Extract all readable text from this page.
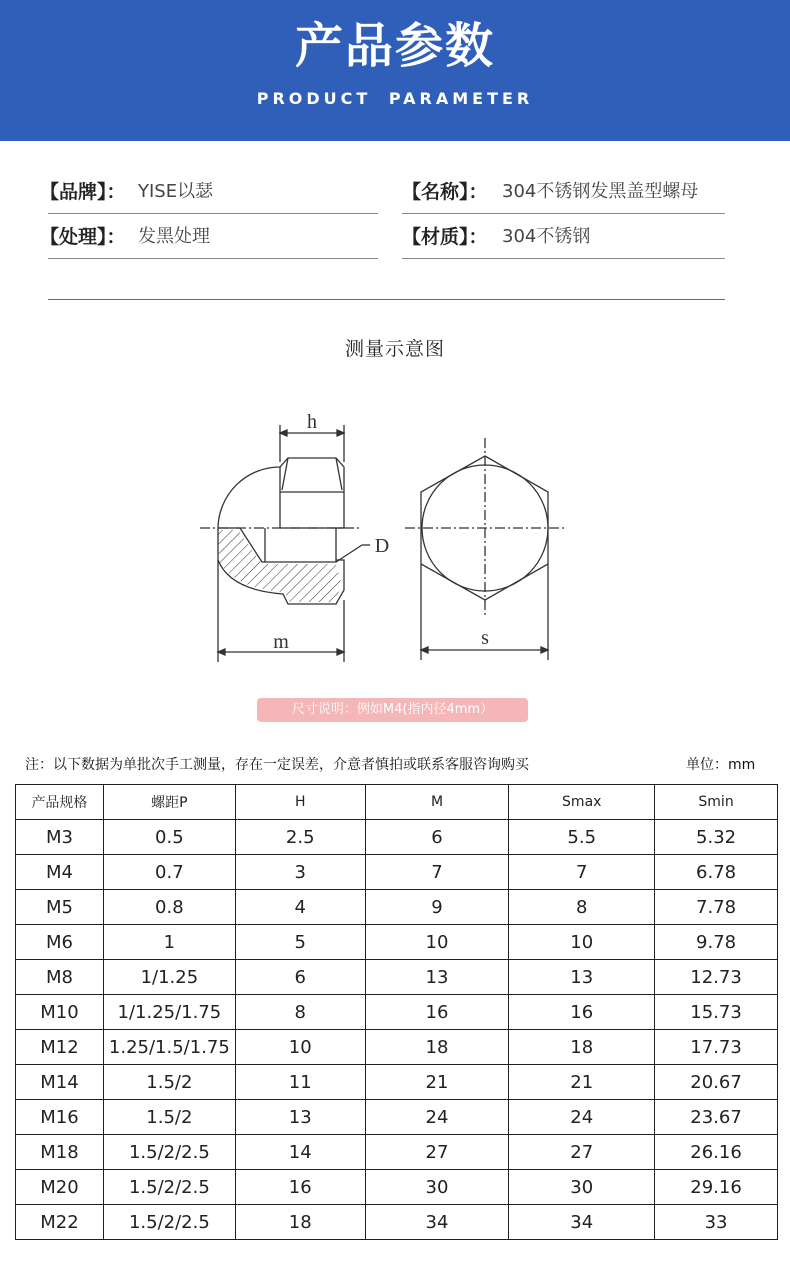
产品参数
PRODUCT PARAMETER
【品牌】： YISE以瑟	【名称】： 304不锈钢发黑盖型螺母
【处理】： 发黑处理	【材质】： 304不锈钢
测量示意图
h
D
m	s
尺寸说明：例如M4(指内径4mm）
注：以下数据为单批次手工测量，存在一定误差，介意者慎拍或联系客服咨询购买	单位：mm
产品规格	螺距P	H	M	Smax	Smin
M3	0.5	2.5	6	5.5	5.32
M4	0.7	3	7	7	6.78
M5	0.8	4	9	8	7.78
M6	1	5	10	10	9.78
M8	1/1.25	6	13	13	12.73
M10	1/1.25/1.75	8	16	16	15.73
M12	1.25/1.5/1.75	10	18	18	17.73
M14	1.5/2	11	21	21	20.67
M16	1.5/2	13	24	24	23.67
M18	1.5/2/2.5	14	27	27	26.16
M20	1.5/2/2.5	16	30	30	29.16
M22	1.5/2/2.5	18	34	34	33
